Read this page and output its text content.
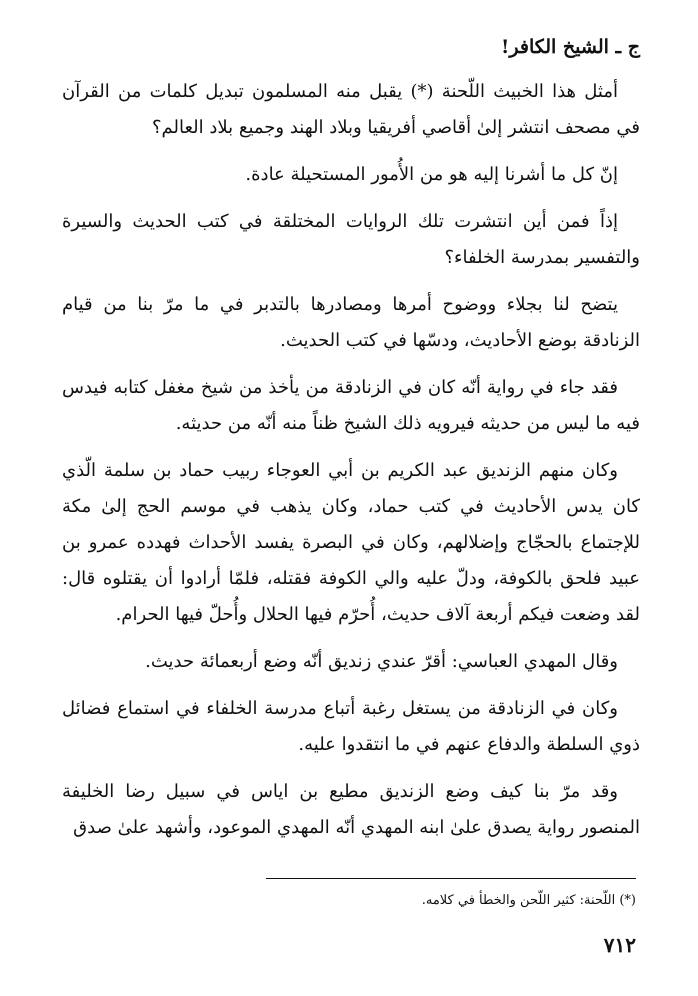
ج ـ الشيخ الكافر!

أمثل هذا الخبيث اللّحنة (*) يقبل منه المسلمون تبديل كلمات من القرآن في مصحف انتشر إلىٰ أقاصي أفريقيا وبلاد الهند وجميع بلاد العالم؟

إنّ كل ما أشرنا إليه هو من الأُمور المستحيلة عادة.

إذاً فمن أين انتشرت تلك الروايات المختلقة في كتب الحديث والسيرة والتفسير بمدرسة الخلفاء؟

يتضح لنا بجلاء ووضوح أمرها ومصادرها بالتدبر في ما مرّ بنا من قيام الزنادقة بوضع الأحاديث، ودسّها في كتب الحديث.

فقد جاء في رواية أنّه كان في الزنادقة من يأخذ من شيخ مغفل كتابه فيدس فيه ما ليس من حديثه فيرويه ذلك الشيخ ظناً منه أنّه من حديثه.

وكان منهم الزنديق عبد الكريم بن أبي العوجاء ربيب حماد بن سلمة الّذي كان يدس الأحاديث في كتب حماد، وكان يذهب في موسم الحج إلىٰ مكة للإجتماع بالحجّاج وإضلالهم، وكان في البصرة يفسد الأحداث فهدده عمرو بن عبيد فلحق بالكوفة، ودلّ عليه والي الكوفة فقتله، فلمّا أرادوا أن يقتلوه قال: لقد وضعت فيكم أربعة آلاف حديث، أُحرّم فيها الحلال وأُحلّ فيها الحرام.

وقال المهدي العباسي: أقرّ عندي زنديق أنّه وضع أربعمائة حديث.

وكان في الزنادقة من يستغل رغبة أتباع مدرسة الخلفاء في استماع فضائل ذوي السلطة والدفاع عنهم في ما انتقدوا عليه.

وقد مرّ بنا كيف وضع الزنديق مطيع بن اياس في سبيل رضا الخليفة المنصور رواية يصدق علىٰ ابنه المهدي أنّه المهدي الموعود، وأشهد علىٰ صدق

(*) اللّحنة: كثير اللّحن والخطأ في كلامه.
٧١٢
